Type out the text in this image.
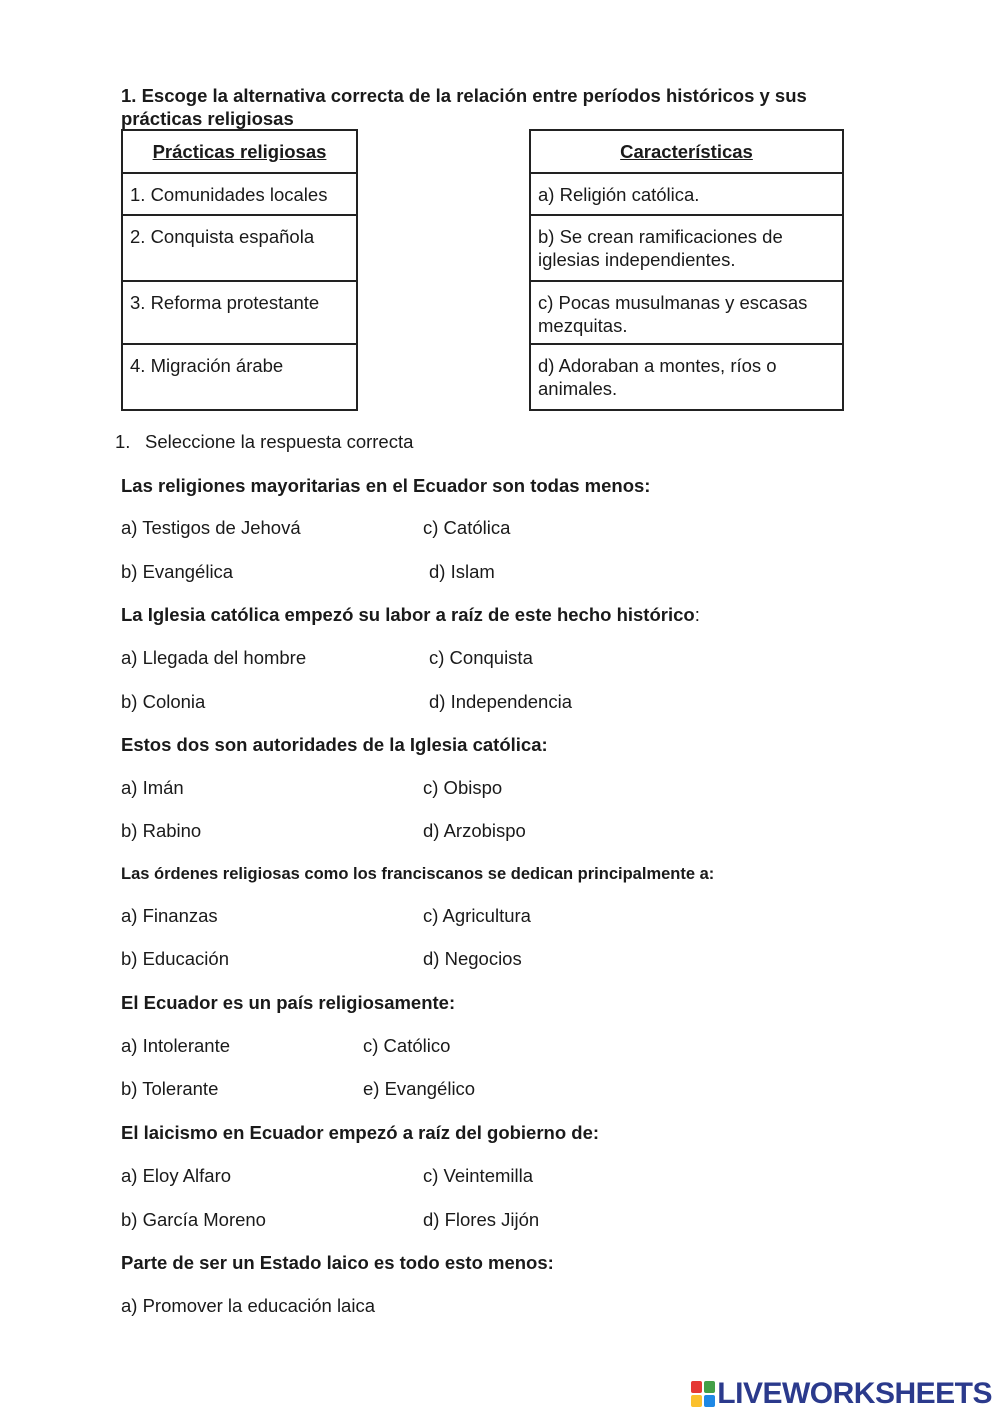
1. Escoge la alternativa correcta de la relación entre períodos históricos y sus prácticas religiosas
Prácticas religiosas
1. Comunidades locales
2. Conquista española
3. Reforma protestante
4. Migración árabe
Características
a) Religión católica.
b) Se crean ramificaciones de iglesias independientes.
c) Pocas musulmanas y escasas mezquitas.
d) Adoraban a montes, ríos o animales.
1. Seleccione la respuesta correcta
Las religiones mayoritarias en el Ecuador son todas menos:
a) Testigos de Jehová	c) Católica
b) Evangélica	d) Islam
La Iglesia católica empezó su labor a raíz de este hecho histórico:
a) Llegada del hombre	c) Conquista
b) Colonia	d) Independencia
Estos dos son autoridades de la Iglesia católica:
a) Imán	c) Obispo
b) Rabino	d) Arzobispo
Las órdenes religiosas como los franciscanos se dedican principalmente a:
a) Finanzas	c) Agricultura
b) Educación	d) Negocios
El Ecuador es un país religiosamente:
a) Intolerante	c) Católico
b) Tolerante	e) Evangélico
El laicismo en Ecuador empezó a raíz del gobierno de:
a) Eloy Alfaro	c) Veintemilla
b) García Moreno	d) Flores Jijón
Parte de ser un Estado laico es todo esto menos:
a) Promover la educación laica
LIVEWORKSHEETS
